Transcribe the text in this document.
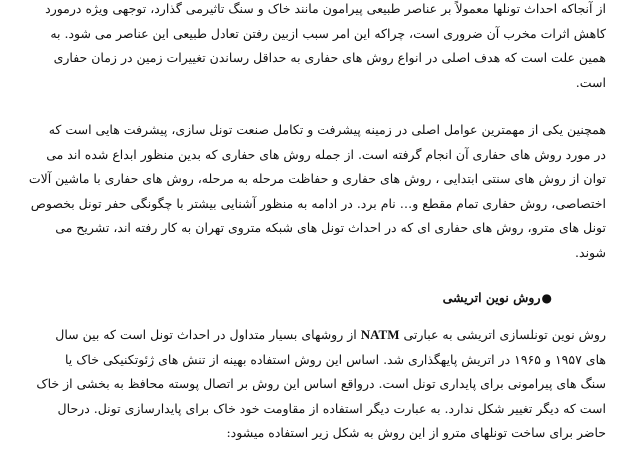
از آنجاکه احداث تونلها معمولاً بر عناصر طبیعی پیرامون مانند خاک و سنگ تاثیرمی گذارد، توجهی ویژه درمورد
کاهش اثرات مخرب آن ضروری است، چراکه این امر سبب ازبین رفتن تعادل طبیعی این عناصر می شود. به
همین علت است که هدف اصلی در انواع روش های حفاری به حداقل رساندن تغییرات زمین در زمان حفاری
است.

همچنین یکی از مهمترین عوامل اصلی در زمینه پیشرفت و تکامل صنعت تونل سازی، پیشرفت هایی است که
در مورد روش های حفاری آن انجام گرفته است. از جمله روش های حفاری که بدین منظور ابداع شده اند می
توان از روش های سنتی ابتدایی ، روش های حفاری و حفاظت مرحله به مرحله، روش های حفاری با ماشین آلات
اختصاصی، روش حفاری تمام مقطع و… نام برد. در ادامه به منظور آشنایی بیشتر با چگونگی حفر تونل بخصوص
تونل های مترو، روش های حفاری ای که در احداث تونل های شبکه متروی تهران به کار رفته اند، تشریح می
شوند.

●روش نوین اتریشی

روش نوین تونلسازی اتریشی به عبارتی NATM از روشهای بسیار متداول در احداث تونل است که بین سال
های ۱۹۵۷ و ۱۹۶۵ در اتریش پایهگذاری شد. اساس این روش استفاده بهینه از تنش های ژئوتکنیکی خاک یا
سنگ های پیرامونی برای پایداری تونل است. درواقع اساس این روش بر اتصال پوسته محافظ به بخشی از خاک
است که دیگر تغییر شکل ندارد. به عبارت دیگر استفاده از مقاومت خود خاک برای پایدارسازی تونل. درحال
حاضر برای ساخت تونلهای مترو از این روش به شکل زیر استفاده میشود:
